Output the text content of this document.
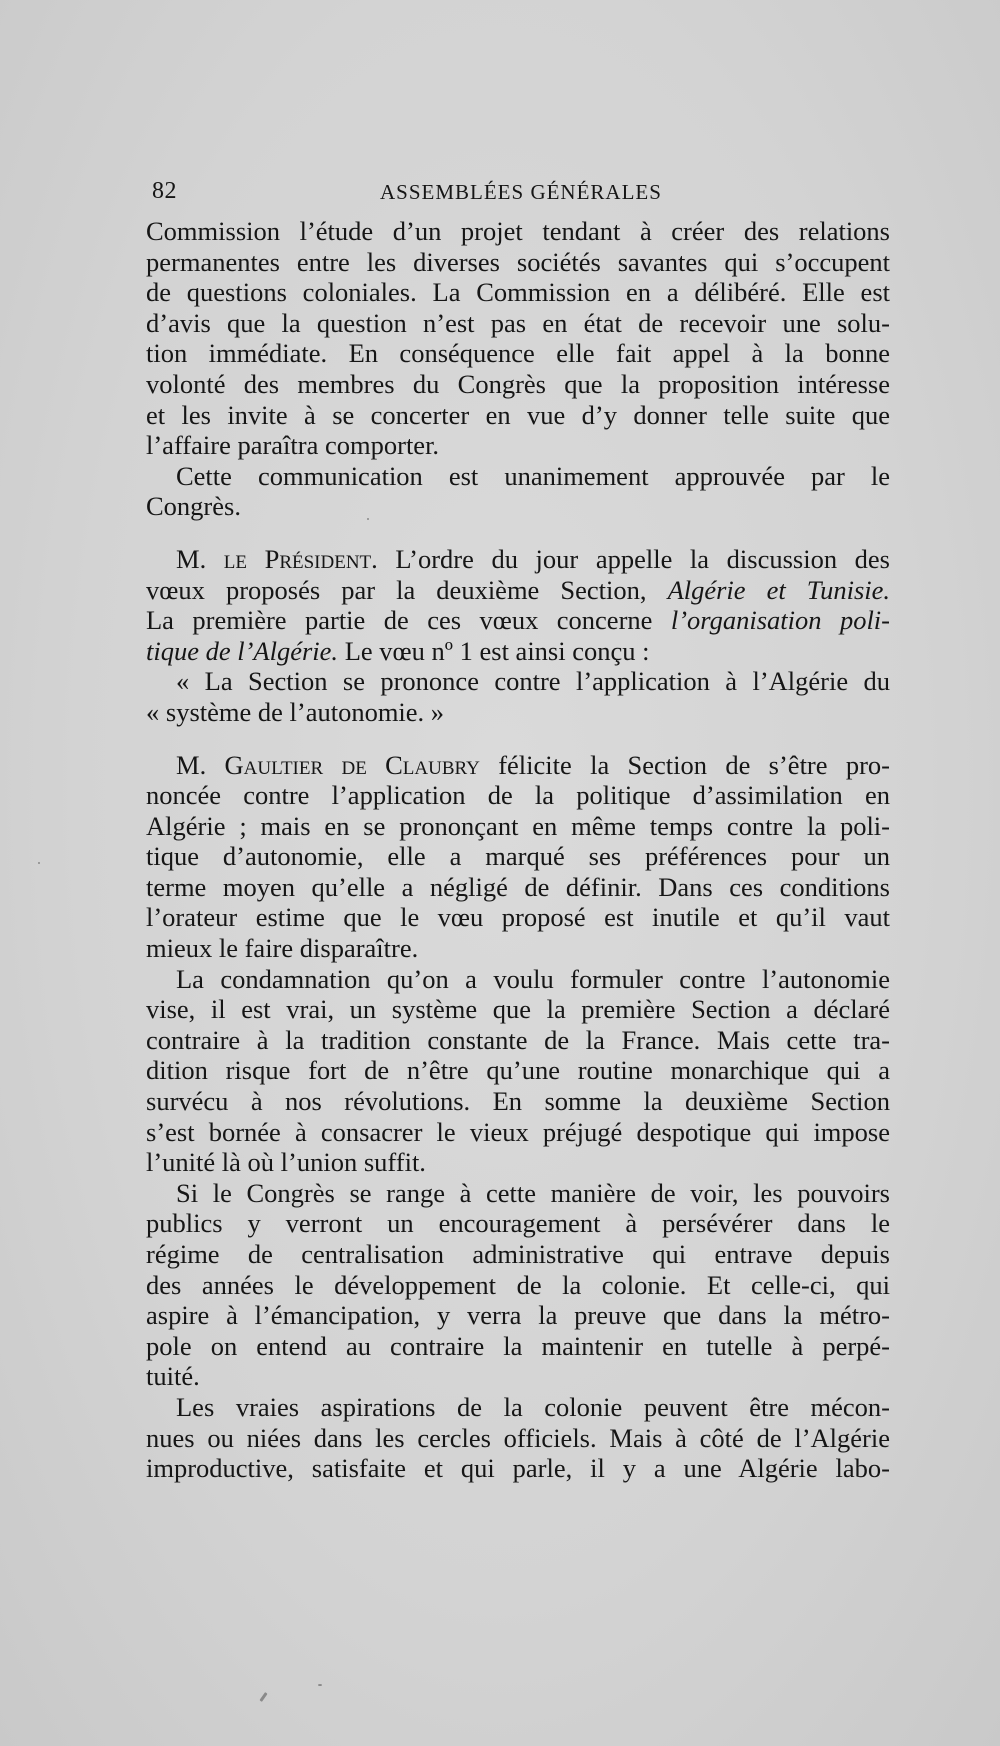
82	ASSEMBLÉES GÉNÉRALES
Commission l’étude d’un projet tendant à créer des relations
permanentes entre les diverses sociétés savantes qui s’occupent
de questions coloniales. La Commission en a délibéré. Elle est
d’avis que la question n’est pas en état de recevoir une solu-
tion immédiate. En conséquence elle fait appel à la bonne
volonté des membres du Congrès que la proposition intéresse
et les invite à se concerter en vue d’y donner telle suite que
l’affaire paraîtra comporter.
Cette communication est unanimement approuvée par le
Congrès.
M. le Président. L’ordre du jour appelle la discussion des
vœux proposés par la deuxième Section, Algérie et Tunisie.
La première partie de ces vœux concerne l’organisation poli-
tique de l’Algérie. Le vœu nº 1 est ainsi conçu :
« La Section se prononce contre l’application à l’Algérie du
« système de l’autonomie. »
M. Gaultier de Claubry félicite la Section de s’être pro-
noncée contre l’application de la politique d’assimilation en
Algérie ; mais en se prononçant en même temps contre la poli-
tique d’autonomie, elle a marqué ses préférences pour un
terme moyen qu’elle a négligé de définir. Dans ces conditions
l’orateur estime que le vœu proposé est inutile et qu’il vaut
mieux le faire disparaître.
La condamnation qu’on a voulu formuler contre l’autonomie
vise, il est vrai, un système que la première Section a déclaré
contraire à la tradition constante de la France. Mais cette tra-
dition risque fort de n’être qu’une routine monarchique qui a
survécu à nos révolutions. En somme la deuxième Section
s’est bornée à consacrer le vieux préjugé despotique qui impose
l’unité là où l’union suffit.
Si le Congrès se range à cette manière de voir, les pouvoirs
publics y verront un encouragement à persévérer dans le
régime de centralisation administrative qui entrave depuis
des années le développement de la colonie. Et celle-ci, qui
aspire à l’émancipation, y verra la preuve que dans la métro-
pole on entend au contraire la maintenir en tutelle à perpé-
tuité.
Les vraies aspirations de la colonie peuvent être mécon-
nues ou niées dans les cercles officiels. Mais à côté de l’Algérie
improductive, satisfaite et qui parle, il y a une Algérie labo-
